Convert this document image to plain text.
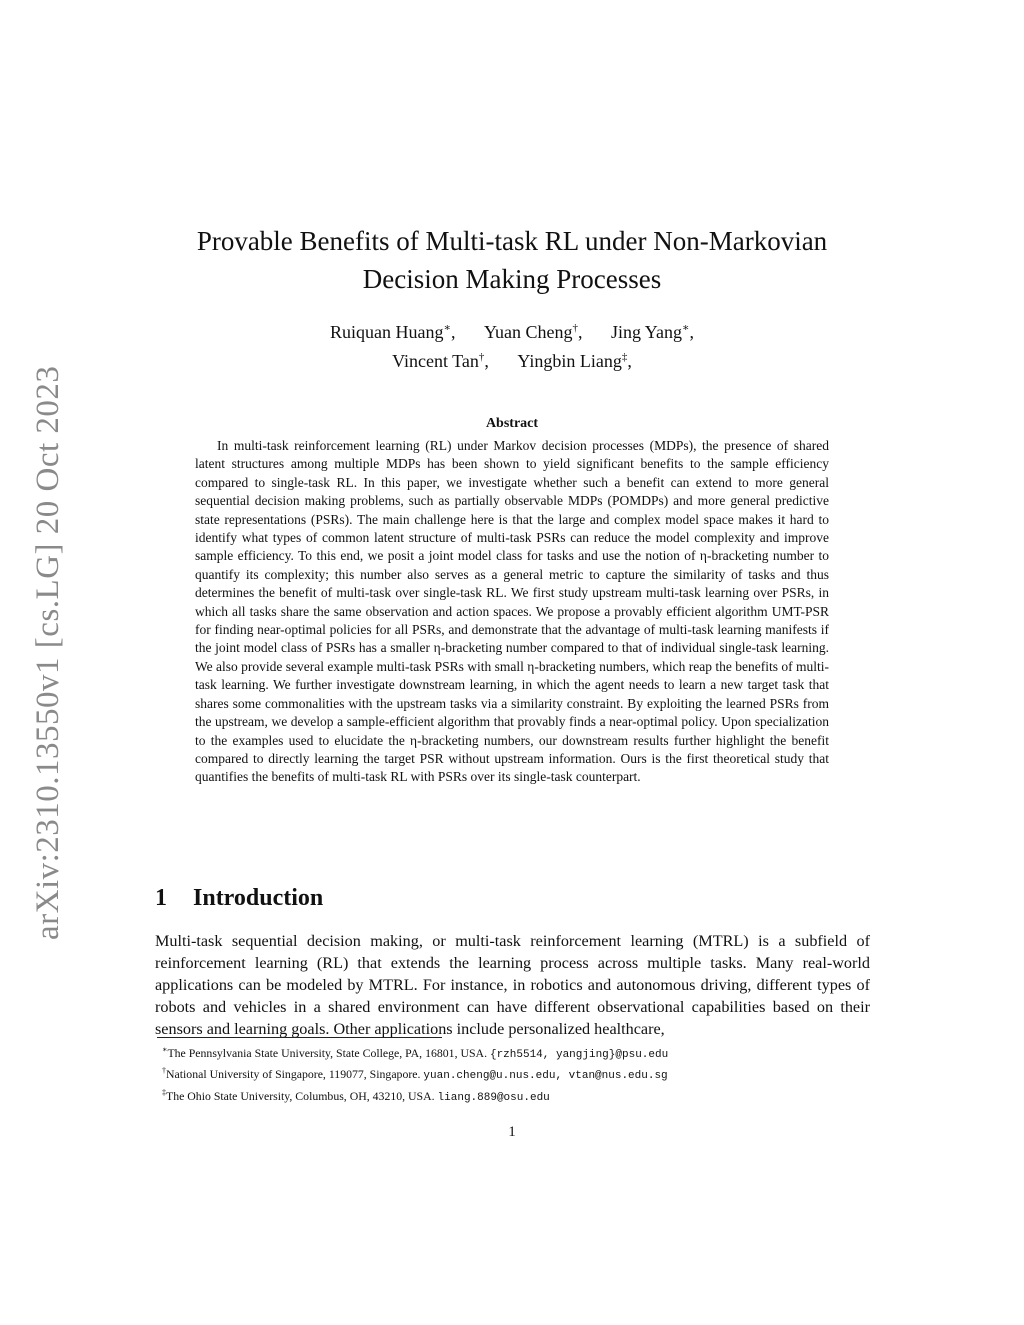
arXiv:2310.13550v1 [cs.LG] 20 Oct 2023
Provable Benefits of Multi-task RL under Non-Markovian
Decision Making Processes
Ruiquan Huang∗, Yuan Cheng†, Jing Yang∗,
Vincent Tan†, Yingbin Liang‡,
Abstract

In multi-task reinforcement learning (RL) under Markov decision processes (MDPs), the presence of shared latent structures among multiple MDPs has been shown to yield significant benefits to the sample efficiency compared to single-task RL. In this paper, we investigate whether such a benefit can extend to more general sequential decision making problems, such as partially observable MDPs (POMDPs) and more general predictive state representations (PSRs). The main challenge here is that the large and complex model space makes it hard to identify what types of common latent structure of multi-task PSRs can reduce the model complexity and improve sample efficiency. To this end, we posit a joint model class for tasks and use the notion of η-bracketing number to quantify its complexity; this number also serves as a general metric to capture the similarity of tasks and thus determines the benefit of multi-task over single-task RL. We first study upstream multi-task learning over PSRs, in which all tasks share the same observation and action spaces. We propose a provably efficient algorithm UMT-PSR for finding near-optimal policies for all PSRs, and demonstrate that the advantage of multi-task learning manifests if the joint model class of PSRs has a smaller η-bracketing number compared to that of individual single-task learning. We also provide several example multi-task PSRs with small η-bracketing numbers, which reap the benefits of multi-task learning. We further investigate downstream learning, in which the agent needs to learn a new target task that shares some commonalities with the upstream tasks via a similarity constraint. By exploiting the learned PSRs from the upstream, we develop a sample-efficient algorithm that provably finds a near-optimal policy. Upon specialization to the examples used to elucidate the η-bracketing numbers, our downstream results further highlight the benefit compared to directly learning the target PSR without upstream information. Ours is the first theoretical study that quantifies the benefits of multi-task RL with PSRs over its single-task counterpart.

1 Introduction

Multi-task sequential decision making, or multi-task reinforcement learning (MTRL) is a subfield of reinforcement learning (RL) that extends the learning process across multiple tasks. Many real-world applications can be modeled by MTRL. For instance, in robotics and autonomous driving, different types of robots and vehicles in a shared environment can have different observational capabilities based on their sensors and learning goals. Other applications include personalized healthcare,

∗The Pennsylvania State University, State College, PA, 16801, USA. {rzh5514, yangjing}@psu.edu
†National University of Singapore, 119077, Singapore. yuan.cheng@u.nus.edu, vtan@nus.edu.sg
‡The Ohio State University, Columbus, OH, 43210, USA. liang.889@osu.edu
1
